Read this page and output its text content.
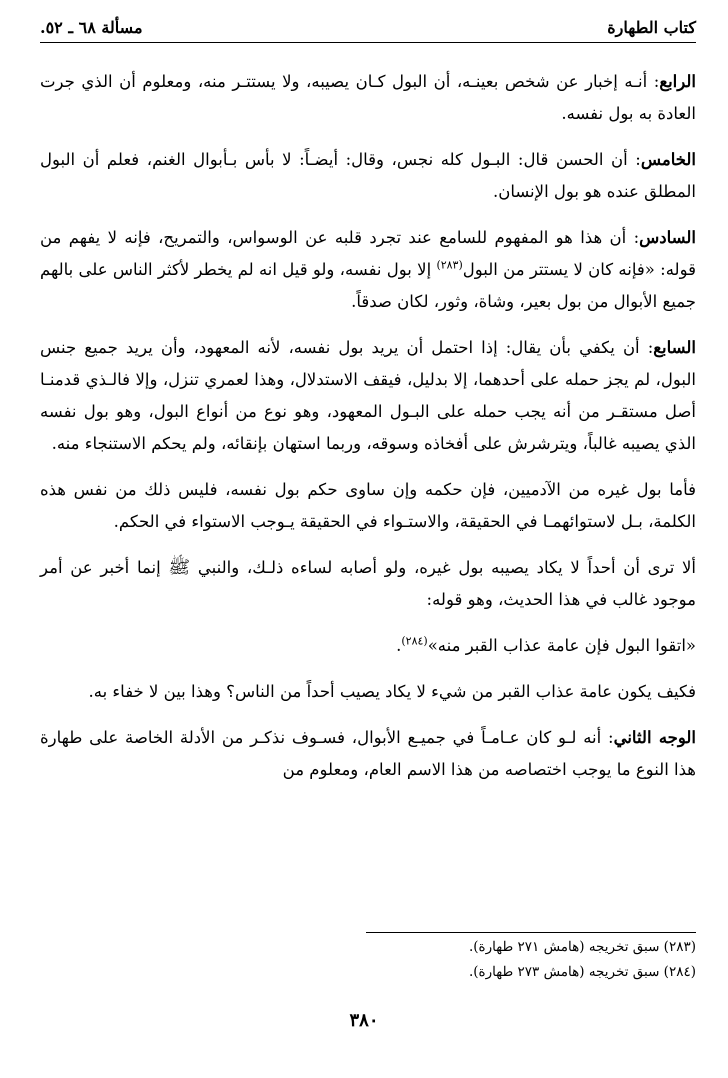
كتاب الطهارة
.مسألة ٦٨ ـ ٥٢

الرابع: أنـه إخبار عن شخص بعينـه، أن البول كـان يصيبه، ولا يستتـر منه، ومعلوم أن الذي جرت العادة به بول نفسه.

الخامس: أن الحسن قال: البـول كله نجس، وقال: أيضـاً: لا بأس بـأبوال الغنم، فعلم أن البول المطلق عنده هو بول الإنسان.

السادس: أن هذا هو المفهوم للسامع عند تجرد قلبه عن الوسواس، والتمريح، فإنه لا يفهم من قوله: «فإنه كان لا يستتر من البول$^{(٢٨٣)}$ إلا بول نفسه، ولو قيل انه لم يخطر لأكثر الناس على بالهم جميع الأبوال من بول بعير، وشاة، وثور، لكان صدقاً.

السابع: أن يكفي بأن يقال: إذا احتمل أن يريد بول نفسه، لأنه المعهود، وأن يريد جميع جنس البول، لم يجز حمله على أحدهما، إلا بدليل، فيقف الاستدلال، وهذا لعمري تنزل، وإلا فالـذي قدمنـا أصل مستقـر من أنه يجب حمله على البـول المعهود، وهو نوع من أنواع البول، وهو بول نفسه الذي يصيبه غالباً، ويترشرش على أفخاذه وسوقه، وربما استهان بإنقائه، ولم يحكم الاستنجاء منه.

فأما بول غيره من الآدميين، فإن حكمه وإن ساوى حكم بول نفسه، فليس ذلك من نفس هذه الكلمة، بـل لاستوائهمـا في الحقيقة، والاستـواء في الحقيقة يـوجب الاستواء في الحكم.

ألا ترى أن أحداً لا يكاد يصيبه بول غيره، ولو أصابه لساءه ذلـك، والنبي ﷺ إنما أخبر عن أمر موجود غالب في هذا الحديث، وهو قوله:

«اتقوا البول فإن عامة عذاب القبر منه»$^{(٢٨٤)}$.

فكيف يكون عامة عذاب القبر من شيء لا يكاد يصيب أحداً من الناس؟ وهذا بين لا خفاء به.

الوجه الثاني: أنه لـو كان عـامـاً في جميـع الأبوال، فسـوف نذكـر من الأدلة الخاصة على طهارة هذا النوع ما يوجب اختصاصه من هذا الاسم العام، ومعلوم من

(٢٨٣) سبق تخريجه (هامش ٢٧١ طهارة).
(٢٨٤) سبق تخريجه (هامش ٢٧٣ طهارة).
٣٨٠
